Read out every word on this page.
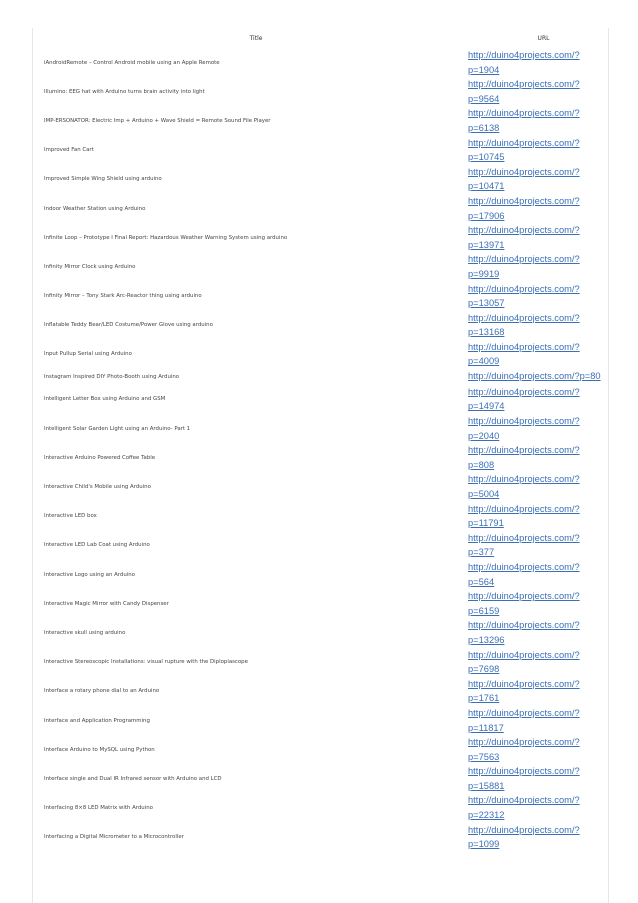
Title	URL
iAndroidRemote – Control Android mobile using an Apple Remote
http://duino4projects.com/?
p=1904
Illumino: EEG hat with Arduino turns brain activity into light
http://duino4projects.com/?
p=9564
IMP-ERSONATOR: Electric Imp + Arduino + Wave Shield = Remote Sound File Player
http://duino4projects.com/?
p=6138
Improved Fan Cart
http://duino4projects.com/?
p=10745
Improved Simple Wing Shield using arduino
http://duino4projects.com/?
p=10471
Indoor Weather Station using Arduino
http://duino4projects.com/?
p=17906
Infinite Loop – Prototype I Final Report: Hazardous Weather Warning System using arduino
http://duino4projects.com/?
p=13971
Infinity Mirror Clock using Arduino
http://duino4projects.com/?
p=9919
Infinity Mirror – Tony Stark Arc-Reactor thing using arduino
http://duino4projects.com/?
p=13057
Inflatable Teddy Bear/LED Costume/Power Glove using arduino
http://duino4projects.com/?
p=13168
Input Pullup Serial using Arduino
http://duino4projects.com/?
p=4009
Instagram Inspired DIY Photo-Booth using Arduino	http://duino4projects.com/?p=80
Intelligent Letter Box using Arduino and GSM
http://duino4projects.com/?
p=14974
Intelligent Solar Garden Light using an Arduino- Part 1
http://duino4projects.com/?
p=2040
Interactive Arduino Powered Coffee Table
http://duino4projects.com/?
p=808
Interactive Child's Mobile using Arduino
http://duino4projects.com/?
p=5004
Interactive LED box
http://duino4projects.com/?
p=11791
Interactive LED Lab Coat using Arduino
http://duino4projects.com/?
p=377
Interactive Logo using an Arduino
http://duino4projects.com/?
p=564
Interactive Magic Mirror with Candy Dispenser
http://duino4projects.com/?
p=6159
Interactive skull using arduino
http://duino4projects.com/?
p=13296
Interactive Stereoscopic Installations: visual rupture with the Diplopiascope
http://duino4projects.com/?
p=7698
Interface a rotary phone dial to an Arduino
http://duino4projects.com/?
p=1761
Interface and Application Programming
http://duino4projects.com/?
p=11817
Interface Arduino to MySQL using Python
http://duino4projects.com/?
p=7563
Interface single and Dual IR Infrared sensor with Arduino and LCD
http://duino4projects.com/?
p=15881
Interfacing 8×8 LED Matrix with Arduino
http://duino4projects.com/?
p=22312
Interfacing a Digital Micrometer to a Microcontroller
http://duino4projects.com/?
p=1099
